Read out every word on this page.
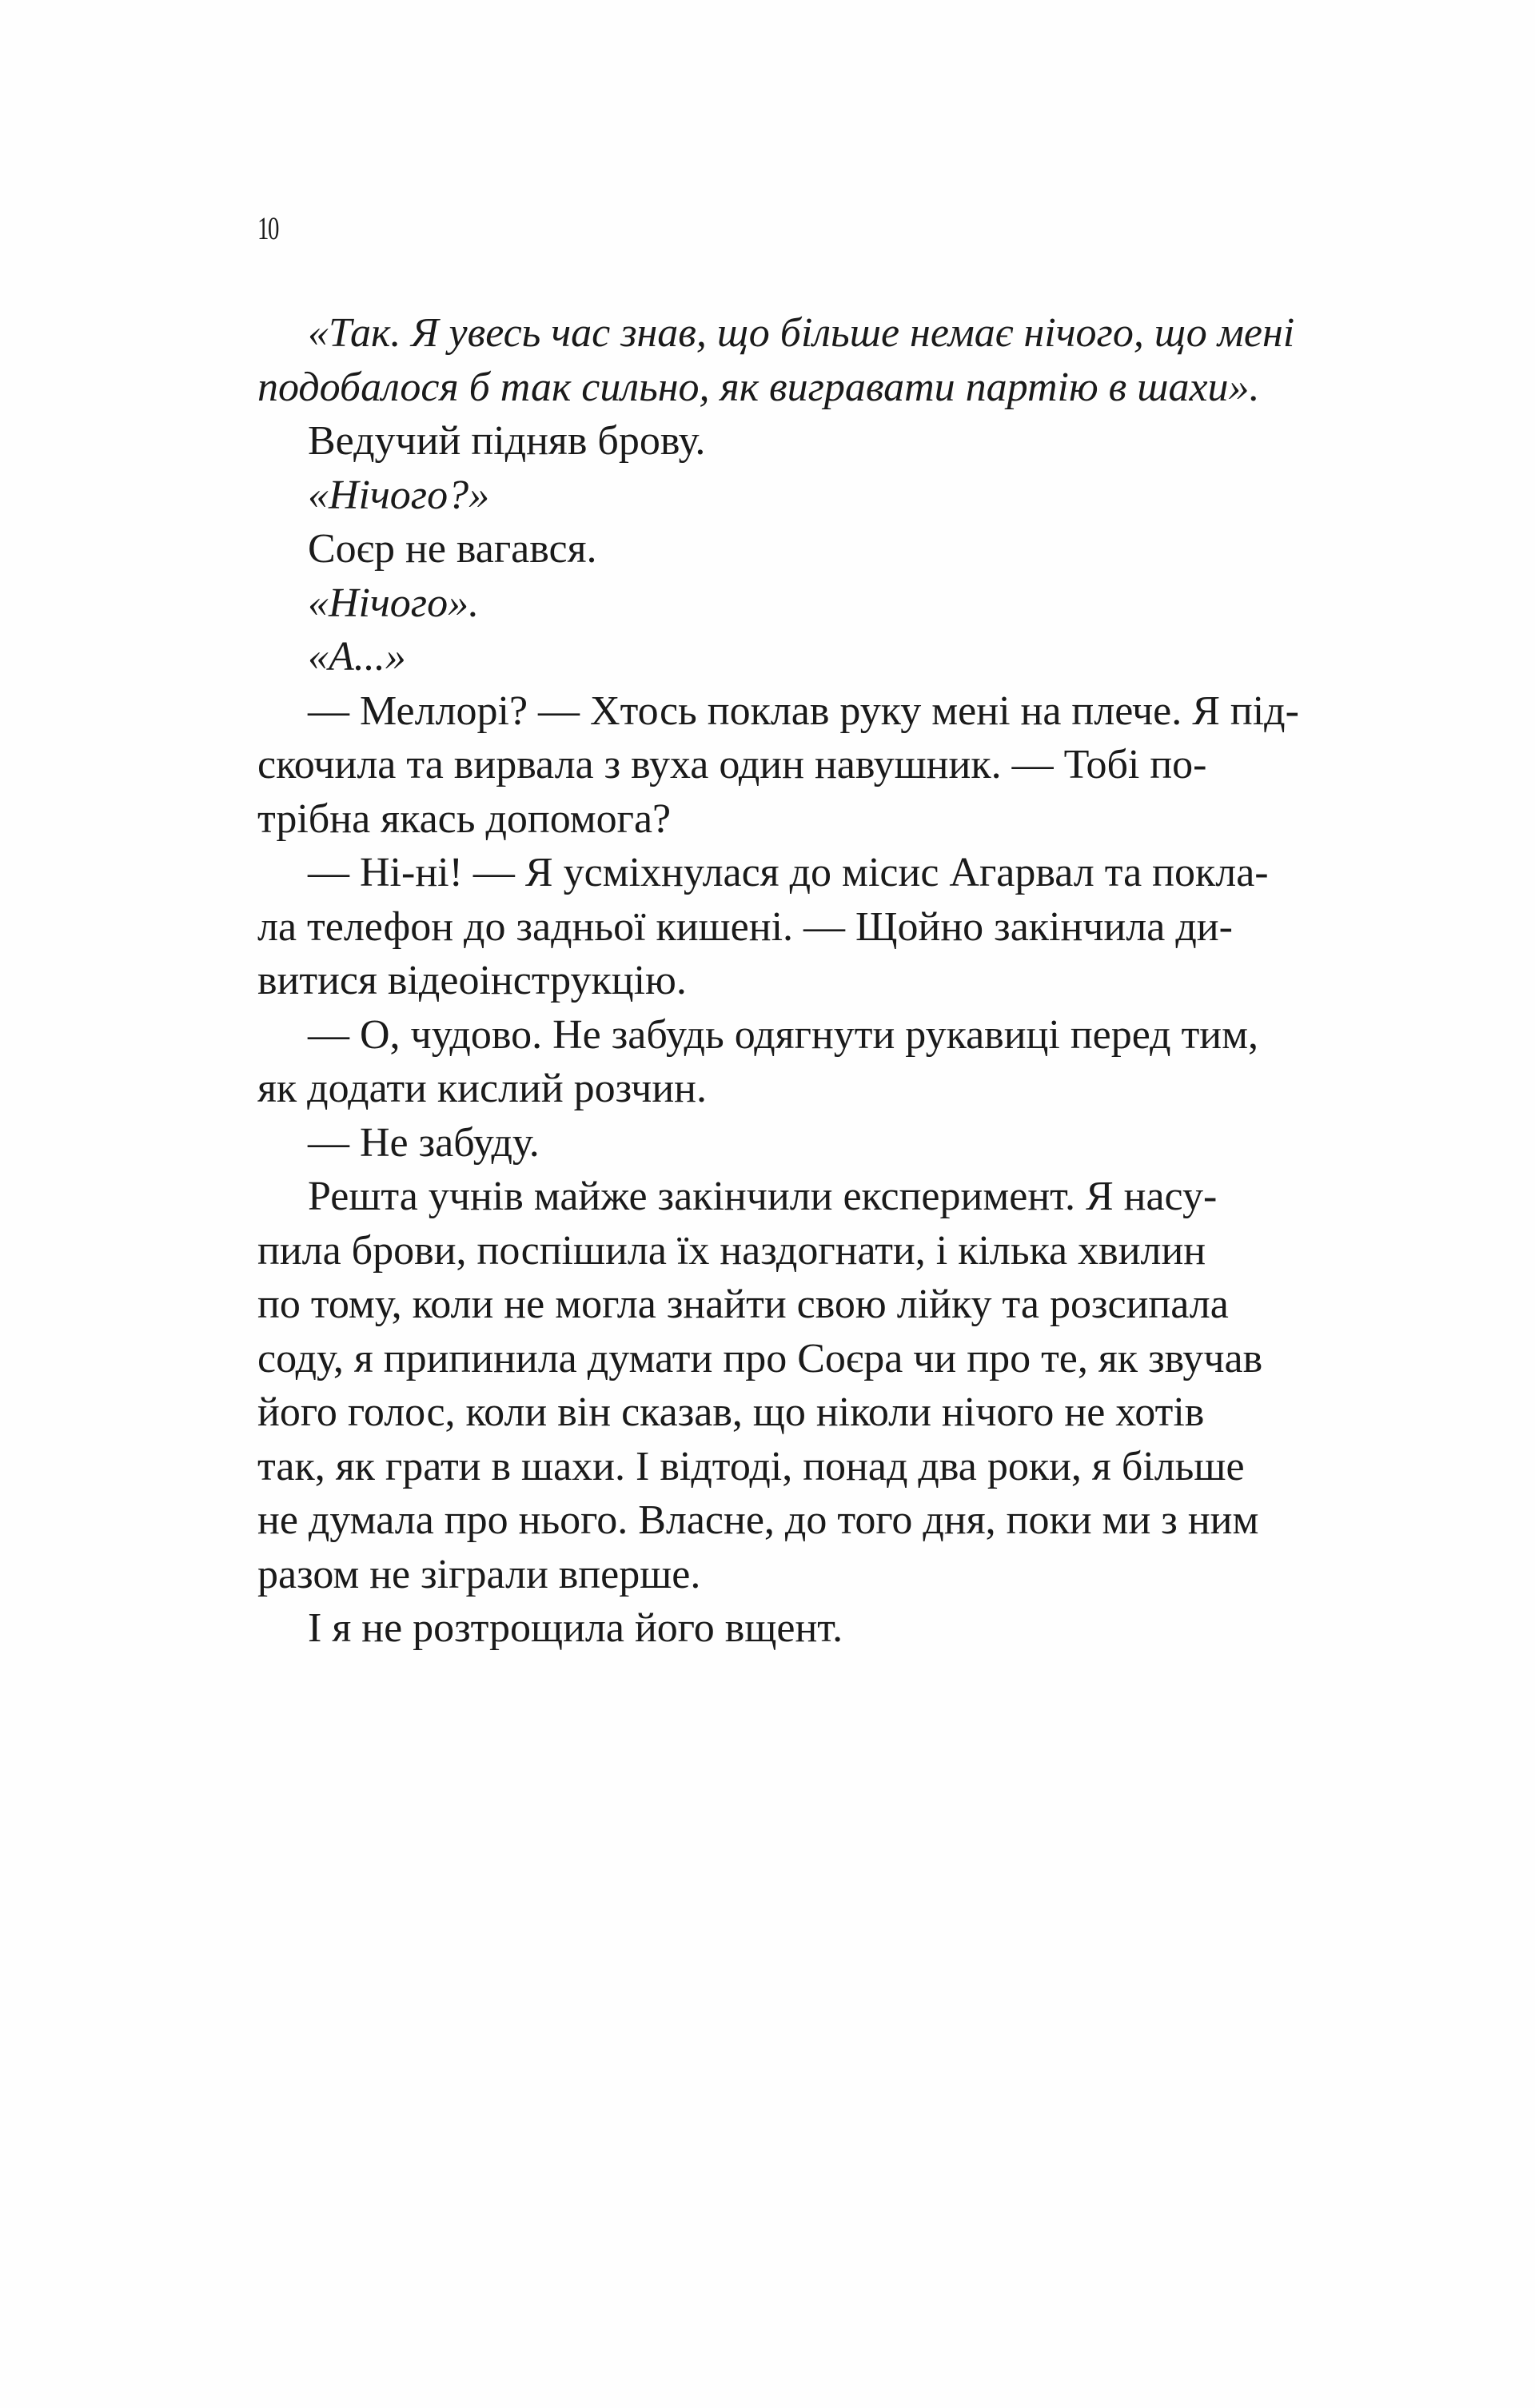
10

«Так. Я увесь час знав, що більше немає нічого, що мені
подобалося б так сильно, як вигравати партію в шахи».

Ведучий підняв брову.

«Нічого?»

Соєр не вагався.

«Нічого».

«А...»

— Меллорі? — Хтось поклав руку мені на плече. Я під-
скочила та вирвала з вуха один навушник. — Тобі по-
трібна якась допомога?

— Ні-ні! — Я усміхнулася до місис Агарвал та покла-
ла телефон до задньої кишені. — Щойно закінчила ди-
витися відеоінструкцію.

— О, чудово. Не забудь одягнути рукавиці перед тим,
як додати кислий розчин.

— Не забуду.

Решта учнів майже закінчили експеримент. Я насу-
пила брови, поспішила їх наздогнати, і кілька хвилин
по тому, коли не могла знайти свою лійку та розсипала
соду, я припинила думати про Соєра чи про те, як звучав
його голос, коли він сказав, що ніколи нічого не хотів
так, як грати в шахи. І відтоді, понад два роки, я більше
не думала про нього. Власне, до того дня, поки ми з ним
разом не зіграли вперше.

І я не розтрощила його вщент.
